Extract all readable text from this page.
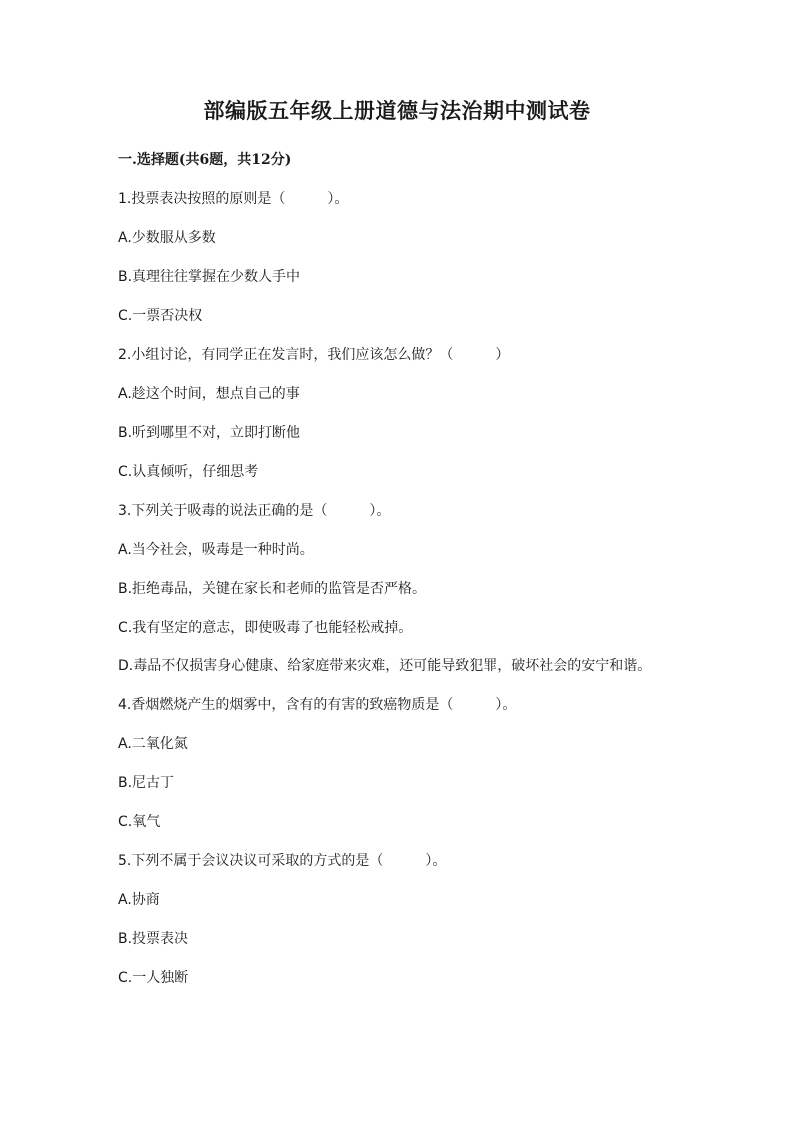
部编版五年级上册道德与法治期中测试卷
一.选择题(共6题，共12分)
1.投票表决按照的原则是（　　　）。
A.少数服从多数
B.真理往往掌握在少数人手中
C.一票否决权
2.小组讨论，有同学正在发言时，我们应该怎么做？（　　　）
A.趁这个时间，想点自己的事
B.听到哪里不对，立即打断他
C.认真倾听，仔细思考
3.下列关于吸毒的说法正确的是（　　　）。
A.当今社会，吸毒是一种时尚。
B.拒绝毒品，关键在家长和老师的监管是否严格。
C.我有坚定的意志，即使吸毒了也能轻松戒掉。
D.毒品不仅损害身心健康、给家庭带来灾难，还可能导致犯罪，破坏社会的安宁和谐。
4.香烟燃烧产生的烟雾中，含有的有害的致癌物质是（　　　）。
A.二氧化氮
B.尼古丁
C.氧气
5.下列不属于会议决议可采取的方式的是（　　　）。
A.协商
B.投票表决
C.一人独断
